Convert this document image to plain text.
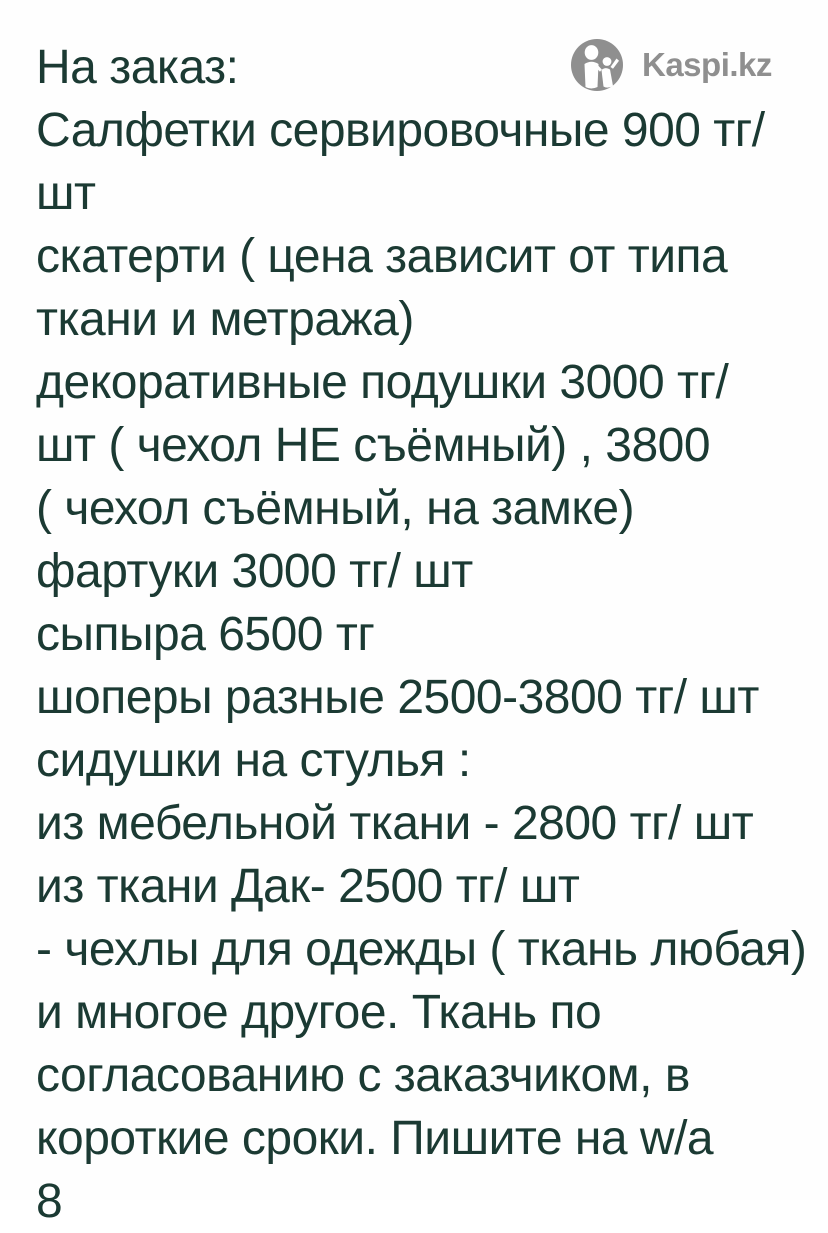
Kaspi.kz
На заказ:
Салфетки сервировочные 900 тг/
шт
скатерти ( цена зависит от типа
ткани и метража)
декоративные подушки 3000 тг/
шт ( чехол НЕ съёмный) , 3800
( чехол съёмный, на замке)
фартуки 3000 тг/ шт
сыпыра 6500 тг
шоперы разные 2500-3800 тг/ шт
сидушки на стулья :
из мебельной ткани - 2800 тг/ шт
из ткани Дак- 2500 тг/ шт
- чехлы для одежды ( ткань любая)
и многое другое. Ткань по
согласованию с заказчиком, в
короткие сроки. Пишите на w/a
8
